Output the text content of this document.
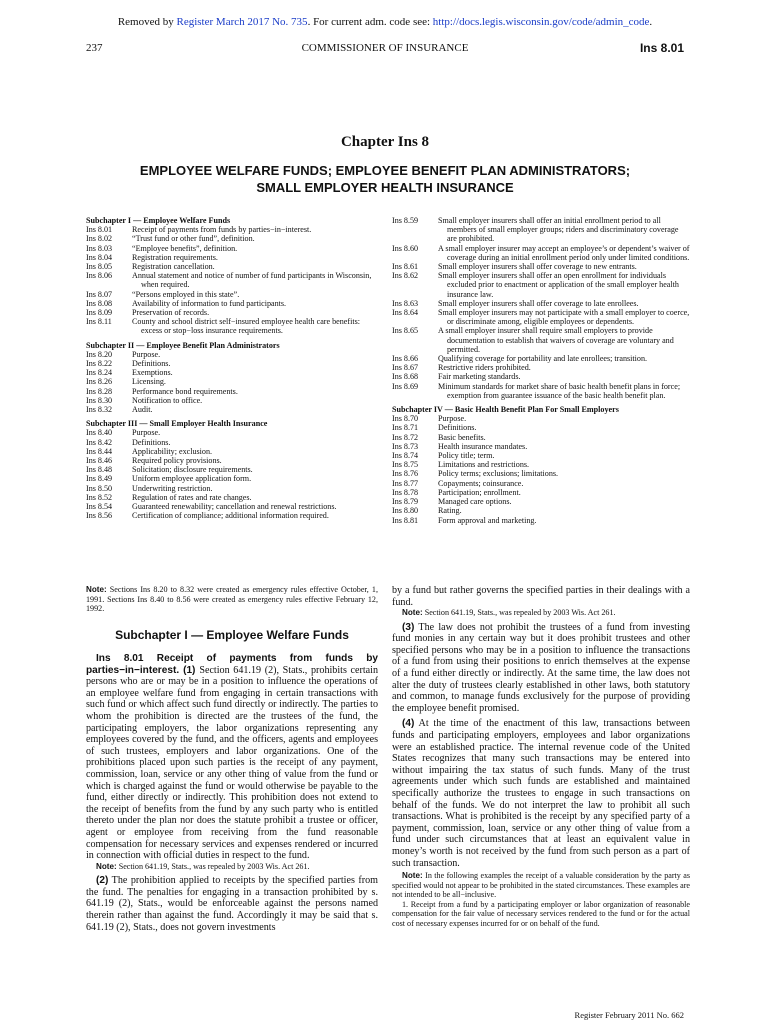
Removed by Register March 2017 No. 735. For current adm. code see: http://docs.legis.wisconsin.gov/code/admin_code.
237	COMMISSIONER OF INSURANCE	Ins 8.01
Chapter Ins 8
EMPLOYEE WELFARE FUNDS; EMPLOYEE BENEFIT PLAN ADMINISTRATORS;
SMALL EMPLOYER HEALTH INSURANCE
Subchapter I — Employee Welfare Funds
Ins 8.01	Receipt of payments from funds by parties−in−interest.
Ins 8.02	“Trust fund or other fund”, definition.
Ins 8.03	“Employee benefits”, definition.
Ins 8.04	Registration requirements.
Ins 8.05	Registration cancellation.
Ins 8.06	Annual statement and notice of number of fund participants in Wisconsin, when required.
Ins 8.07	“Persons employed in this state”.
Ins 8.08	Availability of information to fund participants.
Ins 8.09	Preservation of records.
Ins 8.11	County and school district self−insured employee health care benefits: excess or stop−loss insurance requirements.
Subchapter II — Employee Benefit Plan Administrators
Ins 8.20	Purpose.
Ins 8.22	Definitions.
Ins 8.24	Exemptions.
Ins 8.26	Licensing.
Ins 8.28	Performance bond requirements.
Ins 8.30	Notification to office.
Ins 8.32	Audit.
Subchapter III — Small Employer Health Insurance
Ins 8.40	Purpose.
Ins 8.42	Definitions.
Ins 8.44	Applicability; exclusion.
Ins 8.46	Required policy provisions.
Ins 8.48	Solicitation; disclosure requirements.
Ins 8.49	Uniform employee application form.
Ins 8.50	Underwriting restriction.
Ins 8.52	Regulation of rates and rate changes.
Ins 8.54	Guaranteed renewability; cancellation and renewal restrictions.
Ins 8.56	Certification of compliance; additional information required.
Ins 8.59	Small employer insurers shall offer an initial enrollment period to all members of small employer groups; riders and discriminatory coverage are prohibited.
Ins 8.60	A small employer insurer may accept an employee’s or dependent’s waiver of coverage during an initial enrollment period only under limited conditions.
Ins 8.61	Small employer insurers shall offer coverage to new entrants.
Ins 8.62	Small employer insurers shall offer an open enrollment for individuals excluded prior to enactment or application of the small employer health insurance law.
Ins 8.63	Small employer insurers shall offer coverage to late enrollees.
Ins 8.64	Small employer insurers may not participate with a small employer to coerce, or discriminate among, eligible employees or dependents.
Ins 8.65	A small employer insurer shall require small employers to provide documentation to establish that waivers of coverage are voluntary and permitted.
Ins 8.66	Qualifying coverage for portability and late enrollees; transition.
Ins 8.67	Restrictive riders prohibited.
Ins 8.68	Fair marketing standards.
Ins 8.69	Minimum standards for market share of basic health benefit plans in force; exemption from guarantee issuance of the basic health benefit plan.
Subchapter IV — Basic Health Benefit Plan For Small Employers
Ins 8.70	Purpose.
Ins 8.71	Definitions.
Ins 8.72	Basic benefits.
Ins 8.73	Health insurance mandates.
Ins 8.74	Policy title; term.
Ins 8.75	Limitations and restrictions.
Ins 8.76	Policy terms; exclusions; limitations.
Ins 8.77	Copayments; coinsurance.
Ins 8.78	Participation; enrollment.
Ins 8.79	Managed care options.
Ins 8.80	Rating.
Ins 8.81	Form approval and marketing.

Note: Sections Ins 8.20 to 8.32 were created as emergency rules effective October, 1, 1991. Sections Ins 8.40 to 8.56 were created as emergency rules effective February 12, 1992.

Subchapter I — Employee Welfare Funds

Ins 8.01 Receipt of payments from funds by parties−in−interest. (1) Section 641.19 (2), Stats., prohibits certain persons who are or may be in a position to influence the operations of an employee welfare fund from engaging in certain transactions with such fund or which affect such fund directly or indirectly. The parties to whom the prohibition is directed are the trustees of the fund, the participating employers, the labor organizations representing any employees covered by the fund, and the officers, agents and employees of such trustees, employers and labor organizations. One of the prohibitions placed upon such parties is the receipt of any payment, commission, loan, service or any other thing of value from the fund or which is charged against the fund or would otherwise be payable to the fund, either directly or indirectly. This prohibition does not extend to the receipt of benefits from the fund by any such party who is entitled thereto under the plan nor does the statute prohibit a trustee or officer, agent or employee from receiving from the fund reasonable compensation for necessary services and expenses rendered or incurred in connection with official duties in respect to the fund.

Note: Section 641.19, Stats., was repealed by 2003 Wis. Act 261.

(2) The prohibition applied to receipts by the specified parties from the fund. The penalties for engaging in a transaction prohibited by s. 641.19 (2), Stats., would be enforceable against the persons named therein rather than against the fund. Accordingly it may be said that s. 641.19 (2), Stats., does not govern investments

by a fund but rather governs the specified parties in their dealings with a fund.

Note: Section 641.19, Stats., was repealed by 2003 Wis. Act 261.

(3) The law does not prohibit the trustees of a fund from investing fund monies in any certain way but it does prohibit trustees and other specified persons who may be in a position to influence the transactions of a fund from using their positions to enrich themselves at the expense of a fund either directly or indirectly. At the same time, the law does not alter the duty of trustees clearly established in other laws, both statutory and common, to manage funds exclusively for the purpose of providing the employee benefit promised.

(4) At the time of the enactment of this law, transactions between funds and participating employers, employees and labor organizations were an established practice. The internal revenue code of the United States recognizes that many such transactions may be entered into without impairing the tax status of such funds. Many of the trust agreements under which such funds are established and maintained specifically authorize the trustees to engage in such transactions on behalf of the funds. We do not interpret the law to prohibit all such transactions. What is prohibited is the receipt by any specified party of a payment, commission, loan, service or any other thing of value from a fund under such circumstances that at least an equivalent value in money’s worth is not received by the fund from such person as a part of such transaction.

Note: In the following examples the receipt of a valuable consideration by the party as specified would not appear to be prohibited in the stated circumstances. These examples are not intended to be all−inclusive.

1. Receipt from a fund by a participating employer or labor organization of reasonable compensation for the fair value of necessary services rendered to the fund or for the actual cost of necessary expenses incurred for or on behalf of the fund.

Register February 2011 No. 662
